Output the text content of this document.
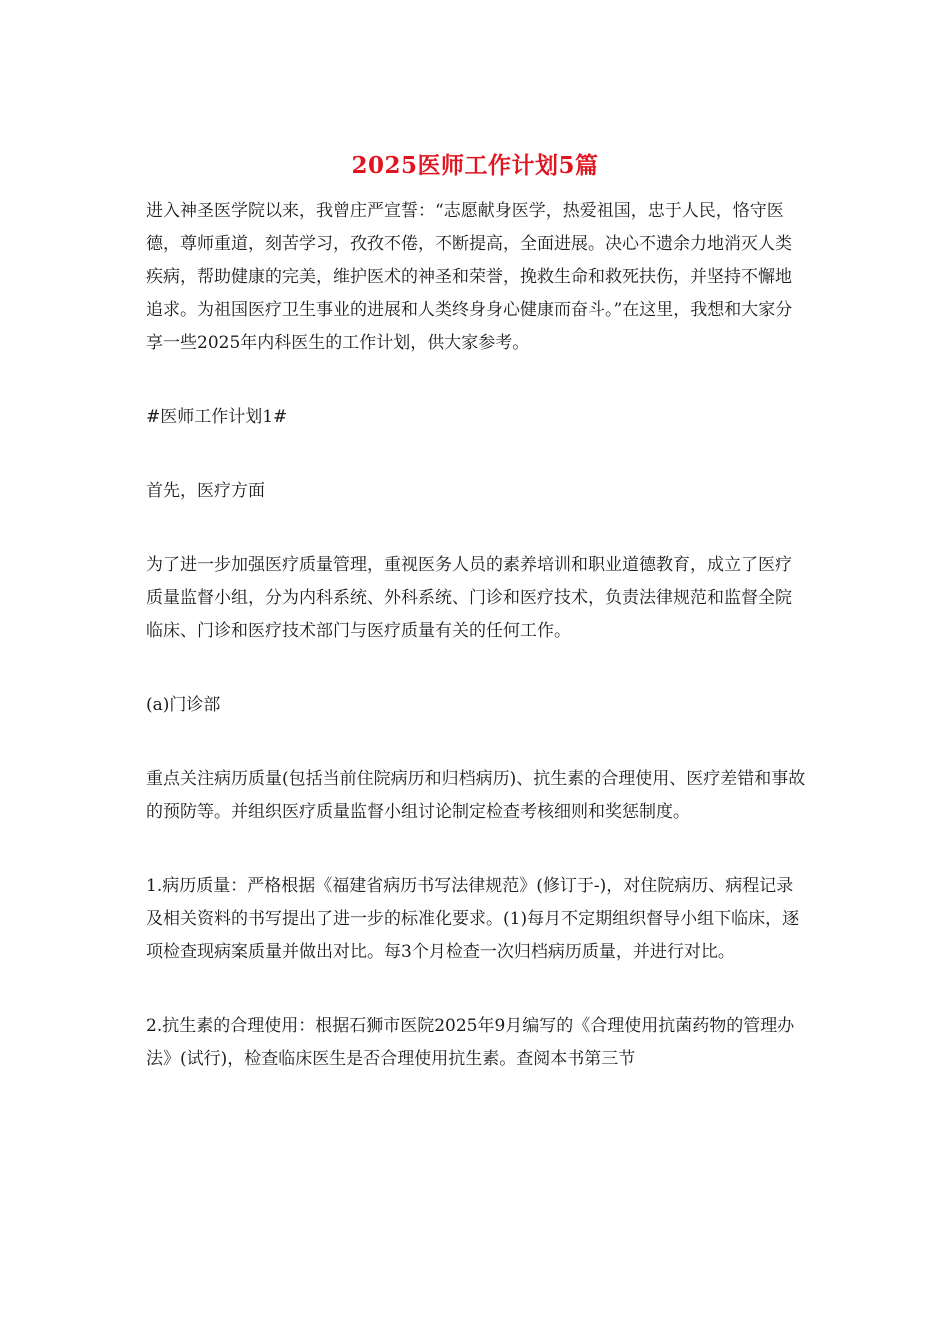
2025医师工作计划5篇

进入神圣医学院以来，我曾庄严宣誓：“志愿献身医学，热爱祖国，忠于人民，恪守医德，尊师重道，刻苦学习，孜孜不倦，不断提高，全面进展。决心不遗余力地消灭人类疾病，帮助健康的完美，维护医术的神圣和荣誉，挽救生命和救死扶伤，并坚持不懈地追求。为祖国医疗卫生事业的进展和人类终身身心健康而奋斗。”在这里，我想和大家分享一些2025年内科医生的工作计划，供大家参考。

#医师工作计划1#

首先，医疗方面

为了进一步加强医疗质量管理，重视医务人员的素养培训和职业道德教育，成立了医疗质量监督小组，分为内科系统、外科系统、门诊和医疗技术，负责法律规范和监督全院临床、门诊和医疗技术部门与医疗质量有关的任何工作。

(a)门诊部

重点关注病历质量(包括当前住院病历和归档病历)、抗生素的合理使用、医疗差错和事故的预防等。并组织医疗质量监督小组讨论制定检查考核细则和奖惩制度。

1.病历质量：严格根据《福建省病历书写法律规范》(修订于-)，对住院病历、病程记录及相关资料的书写提出了进一步的标准化要求。(1)每月不定期组织督导小组下临床，逐项检查现病案质量并做出对比。每3个月检查一次归档病历质量，并进行对比。

2.抗生素的合理使用：根据石狮市医院2025年9月编写的《合理使用抗菌药物的管理办法》(试行)，检查临床医生是否合理使用抗生素。查阅本书第三节
